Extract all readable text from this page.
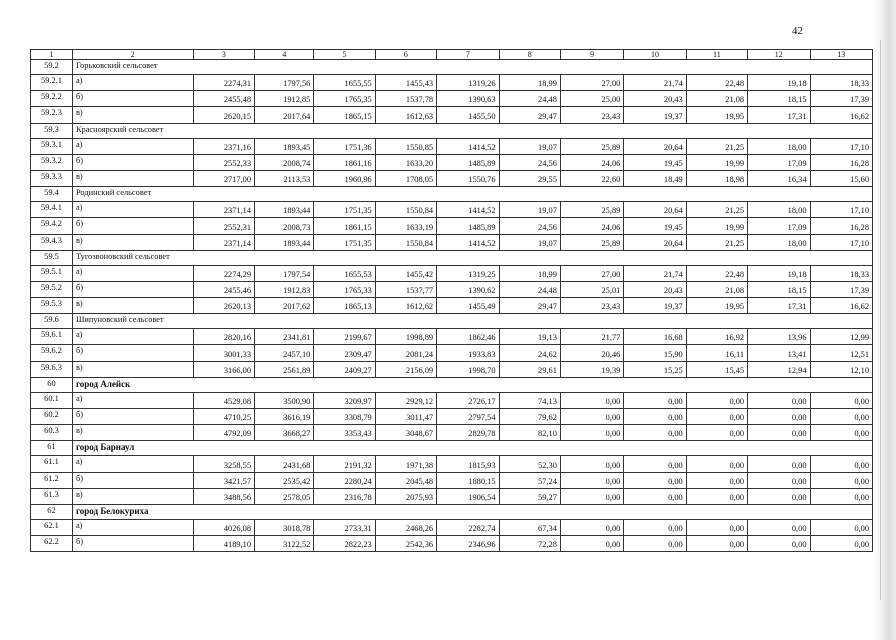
42
1	2	3	4	5	6	7	8	9	10	11	12	13
59.2	Горьковский сельсовет											
59.2.1	а)	2274,31	1797,56	1655,55	1455,43	1319,26	18,99	27,00	21,74	22,48	19,18	18,33
59.2.2	б)	2455,48	1912,85	1765,35	1537,78	1390,63	24,48	25,00	20,43	21,08	18,15	17,39
59.2.3	в)	2620,15	2017,64	1865,15	1612,63	1455,50	29,47	23,43	19,37	19,95	17,31	16,62
59.3	Красноярский сельсовет											
59.3.1	а)	2371,16	1893,45	1751,36	1550,85	1414,52	19,07	25,89	20,64	21,25	18,00	17,10
59.3.2	б)	2552,33	2008,74	1861,16	1633,20	1485,89	24,56	24,06	19,45	19,99	17,09	16,28
59.3.3	в)	2717,00	2113,53	1960,96	1708,05	1550,76	29,55	22,60	18,49	18,98	16,34	15,60
59.4	Родинский сельсовет											
59.4.1	а)	2371,14	1893,44	1751,35	1550,84	1414,52	19,07	25,89	20,64	21,25	18,00	17,10
59.4.2	б)	2552,31	2008,73	1861,15	1633,19	1485,89	24,56	24,06	19,45	19,99	17,09	16,28
59.4.3	в)	2371,14	1893,44	1751,35	1550,84	1414,52	19,07	25,89	20,64	21,25	18,00	17,10
59.5	Тугозвоновский сельсовет											
59.5.1	а)	2274,29	1797,54	1655,53	1455,42	1319,25	18,99	27,00	21,74	22,48	19,18	18,33
59.5.2	б)	2455,46	1912,83	1765,33	1537,77	1390,62	24,48	25,01	20,43	21,08	18,15	17,39
59.5.3	в)	2620,13	2017,62	1865,13	1612,62	1455,49	29,47	23,43	19,37	19,95	17,31	16,62
59.6	Шипуновский сельсовет											
59.6.1	а)	2820,16	2341,81	2199,67	1998,89	1862,46	19,13	21,77	16,68	16,92	13,96	12,99
59.6.2	б)	3001,33	2457,10	2309,47	2081,24	1933,83	24,62	20,46	15,90	16,11	13,41	12,51
59.6.3	в)	3166,00	2561,89	2409,27	2156,09	1998,70	29,61	19,39	15,25	15,45	12,94	12,10
60	город Алейск											
60.1	а)	4529,08	3500,90	3209,97	2929,12	2726,17	74,13	0,00	0,00	0,00	0,00	0,00
60.2	б)	4710,25	3616,19	3308,79	3011,47	2797,54	79,62	0,00	0,00	0,00	0,00	0,00
60.3	в)	4792,09	3668,27	3353,43	3048,67	2829,78	82,10	0,00	0,00	0,00	0,00	0,00
61	город Барнаул											
61.1	а)	3258,55	2431,68	2191,32	1971,38	1815,93	52,30	0,00	0,00	0,00	0,00	0,00
61.2	б)	3421,57	2535,42	2280,24	2045,48	1880,15	57,24	0,00	0,00	0,00	0,00	0,00
61.3	в)	3488,56	2578,05	2316,78	2075,93	1906,54	59,27	0,00	0,00	0,00	0,00	0,00
62	город Белокуриха											
62.1	а)	4026,08	3018,78	2733,31	2468,26	2282,74	67,34	0,00	0,00	0,00	0,00	0,00
62.2	б)	4189,10	3122,52	2822,23	2542,36	2346,96	72,28	0,00	0,00	0,00	0,00	0,00
